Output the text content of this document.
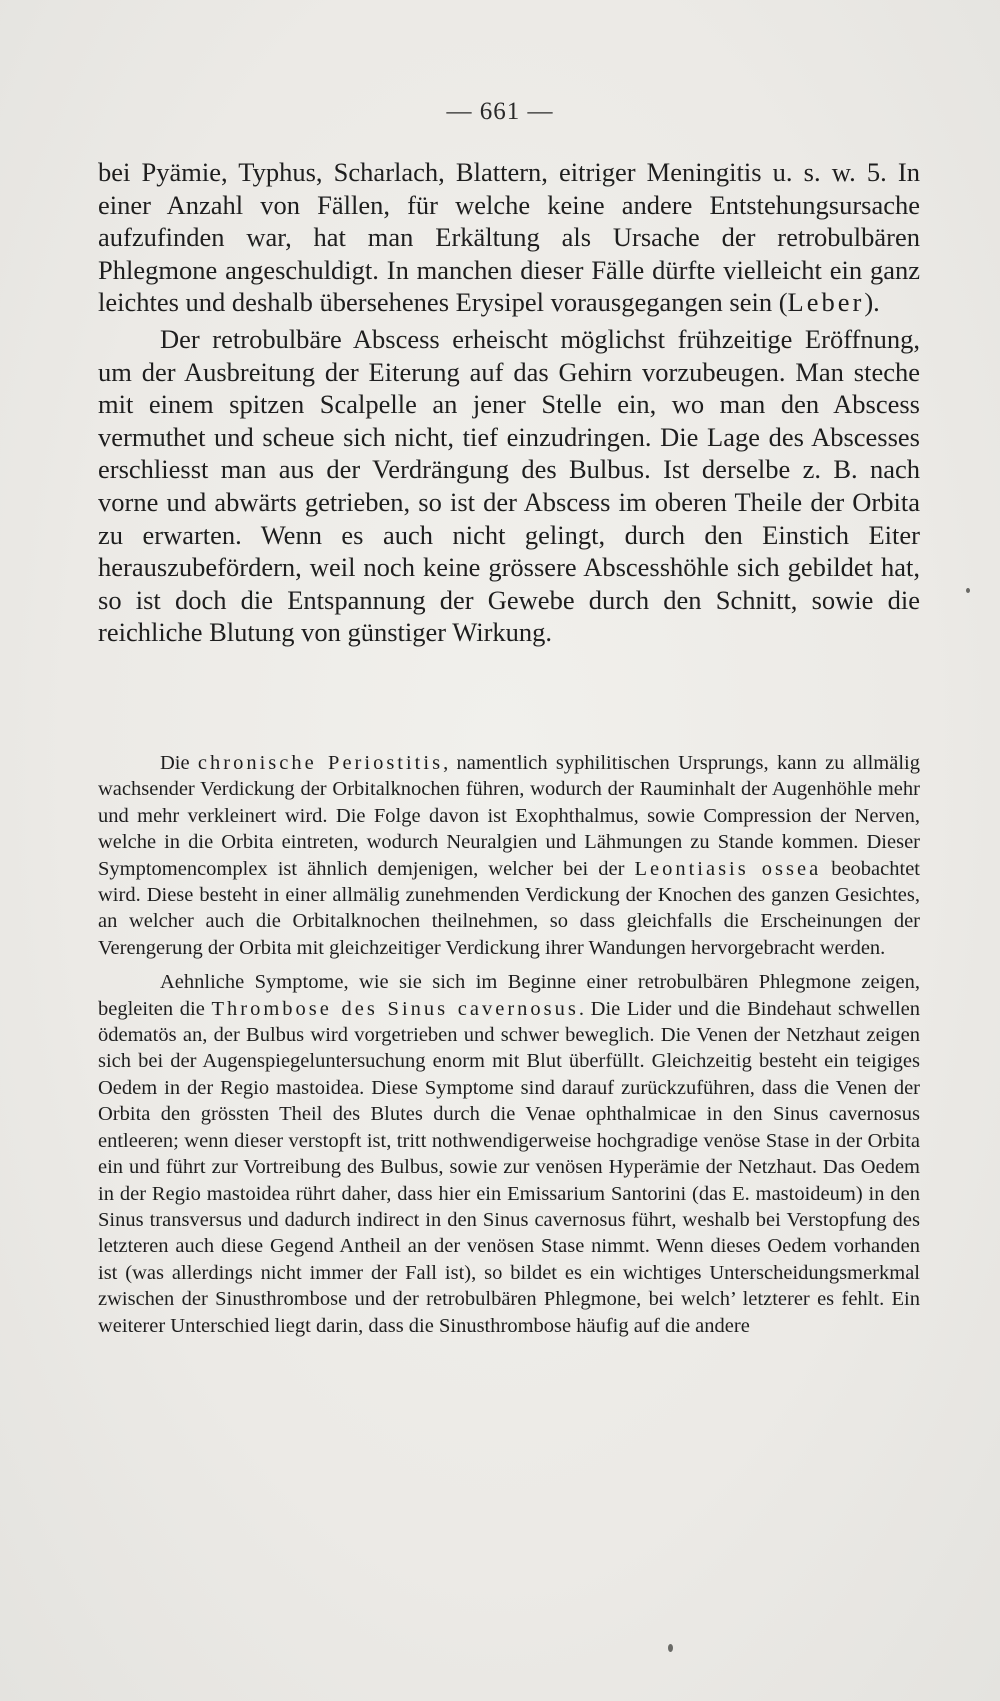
— 661 —

bei Pyämie, Typhus, Scharlach, Blattern, eitriger Meningitis u. s. w. 5. In einer Anzahl von Fällen, für welche keine andere Entstehungsursache aufzufinden war, hat man Erkältung als Ursache der retrobulbären Phlegmone angeschuldigt. In manchen dieser Fälle dürfte vielleicht ein ganz leichtes und deshalb übersehenes Erysipel vorausgegangen sein (Leber).

Der retrobulbäre Abscess erheischt möglichst frühzeitige Eröffnung, um der Ausbreitung der Eiterung auf das Gehirn vorzubeugen. Man steche mit einem spitzen Scalpelle an jener Stelle ein, wo man den Abscess vermuthet und scheue sich nicht, tief einzudringen. Die Lage des Abscesses erschliesst man aus der Verdrängung des Bulbus. Ist derselbe z. B. nach vorne und abwärts getrieben, so ist der Abscess im oberen Theile der Orbita zu erwarten. Wenn es auch nicht gelingt, durch den Einstich Eiter herauszubefördern, weil noch keine grössere Abscesshöhle sich gebildet hat, so ist doch die Entspannung der Gewebe durch den Schnitt, sowie die reichliche Blutung von günstiger Wirkung.

Die chronische Periostitis, namentlich syphilitischen Ursprungs, kann zu allmälig wachsender Verdickung der Orbitalknochen führen, wodurch der Rauminhalt der Augenhöhle mehr und mehr verkleinert wird. Die Folge davon ist Exophthalmus, sowie Compression der Nerven, welche in die Orbita eintreten, wodurch Neuralgien und Lähmungen zu Stande kommen. Dieser Symptomencomplex ist ähnlich demjenigen, welcher bei der Leontiasis ossea beobachtet wird. Diese besteht in einer allmälig zunehmenden Verdickung der Knochen des ganzen Gesichtes, an welcher auch die Orbitalknochen theilnehmen, so dass gleichfalls die Erscheinungen der Verengerung der Orbita mit gleichzeitiger Verdickung ihrer Wandungen hervorgebracht werden.

Aehnliche Symptome, wie sie sich im Beginne einer retrobulbären Phlegmone zeigen, begleiten die Thrombose des Sinus cavernosus. Die Lider und die Bindehaut schwellen ödematös an, der Bulbus wird vorgetrieben und schwer beweglich. Die Venen der Netzhaut zeigen sich bei der Augenspiegeluntersuchung enorm mit Blut überfüllt. Gleichzeitig besteht ein teigiges Oedem in der Regio mastoidea. Diese Symptome sind darauf zurückzuführen, dass die Venen der Orbita den grössten Theil des Blutes durch die Venae ophthalmicae in den Sinus cavernosus entleeren; wenn dieser verstopft ist, tritt nothwendigerweise hochgradige venöse Stase in der Orbita ein und führt zur Vortreibung des Bulbus, sowie zur venösen Hyperämie der Netzhaut. Das Oedem in der Regio mastoidea rührt daher, dass hier ein Emissarium Santorini (das E. mastoideum) in den Sinus transversus und dadurch indirect in den Sinus cavernosus führt, weshalb bei Verstopfung des letzteren auch diese Gegend Antheil an der venösen Stase nimmt. Wenn dieses Oedem vorhanden ist (was allerdings nicht immer der Fall ist), so bildet es ein wichtiges Unterscheidungsmerkmal zwischen der Sinusthrombose und der retrobulbären Phlegmone, bei welch’ letzterer es fehlt. Ein weiterer Unterschied liegt darin, dass die Sinusthrombose häufig auf die andere
